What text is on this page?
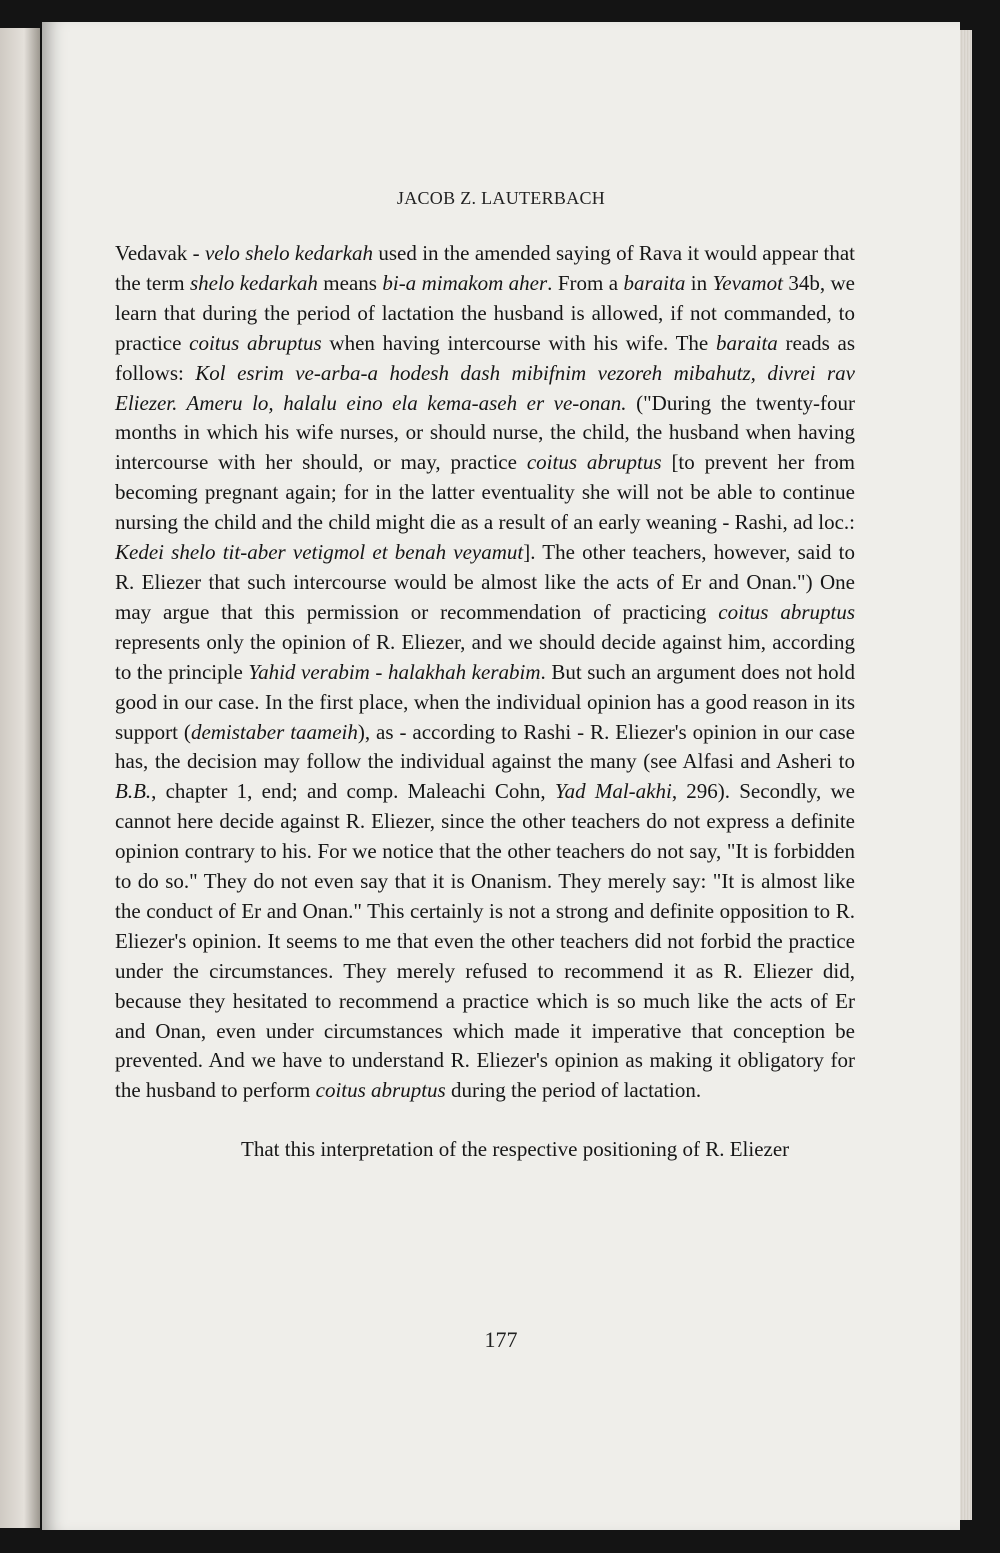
JACOB Z. LAUTERBACH

Vedavak - velo shelo kedarkah used in the amended saying of Rava it would appear that the term shelo kedarkah means bi-a mimakom aher. From a baraita in Yevamot 34b, we learn that during the period of lactation the husband is allowed, if not commanded, to practice coitus abruptus when having intercourse with his wife. The baraita reads as follows: Kol esrim ve-arba-a hodesh dash mibifnim vezoreh mibahutz, divrei rav Eliezer. Ameru lo, halalu eino ela kema-aseh er ve-onan. ("During the twenty-four months in which his wife nurses, or should nurse, the child, the husband when having intercourse with her should, or may, practice coitus abruptus [to prevent her from becoming pregnant again; for in the latter eventuality she will not be able to continue nursing the child and the child might die as a result of an early weaning - Rashi, ad loc.: Kedei shelo tit-aber vetigmol et benah veyamut]. The other teachers, however, said to R. Eliezer that such intercourse would be almost like the acts of Er and Onan.") One may argue that this permission or recommendation of practicing coitus abruptus represents only the opinion of R. Eliezer, and we should decide against him, according to the principle Yahid verabim - halakhah kerabim. But such an argument does not hold good in our case. In the first place, when the individual opinion has a good reason in its support (demistaber taameih), as - according to Rashi - R. Eliezer's opinion in our case has, the decision may follow the individual against the many (see Alfasi and Asheri to B.B., chapter 1, end; and comp. Maleachi Cohn, Yad Mal-akhi, 296). Secondly, we cannot here decide against R. Eliezer, since the other teachers do not express a definite opinion contrary to his. For we notice that the other teachers do not say, "It is forbidden to do so." They do not even say that it is Onanism. They merely say: "It is almost like the conduct of Er and Onan." This certainly is not a strong and definite opposition to R. Eliezer's opinion. It seems to me that even the other teachers did not forbid the practice under the circumstances. They merely refused to recommend it as R. Eliezer did, because they hesitated to recommend a practice which is so much like the acts of Er and Onan, even under circumstances which made it imperative that conception be prevented. And we have to understand R. Eliezer's opinion as making it obligatory for the husband to perform coitus abruptus during the period of lactation.

That this interpretation of the respective positioning of R. Eliezer

177
